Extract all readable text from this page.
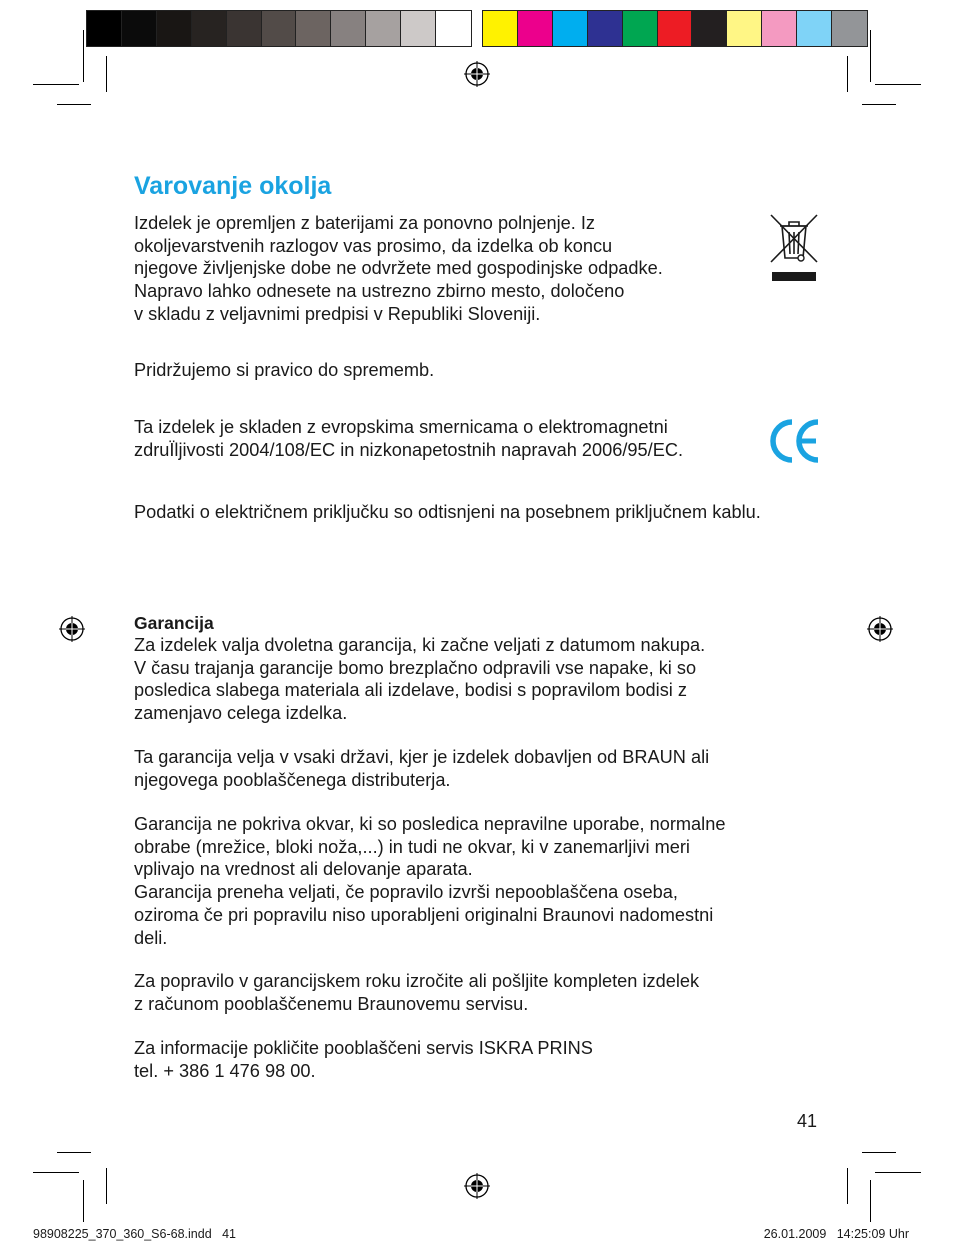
Varovanje okolja

Izdelek je opremljen z baterijami za ponovno polnjenje. Iz
okoljevarstvenih razlogov vas prosimo, da izdelka ob koncu
njegove življenjske dobe ne odvržete med gospodinjske odpadke.
Napravo lahko odnesete na ustrezno zbirno mesto, določeno
v skladu z veljavnimi predpisi v Republiki Sloveniji.

Pridržujemo si pravico do sprememb.

Ta izdelek je skladen z evropskima smernicama o elektromagnetni
zdruÏljivosti 2004/108/EC in nizkonapetostnih napravah 2006/95/EC.

Podatki o električnem priključku so odtisnjeni na posebnem priključnem kablu.

Garancija

Za izdelek valja dvoletna garancija, ki začne veljati z datumom nakupa.
V času trajanja garancije bomo brezplačno odpravili vse napake, ki so
posledica slabega materiala ali izdelave, bodisi s popravilom bodisi z
zamenjavo celega izdelka.

Ta garancija velja v vsaki državi, kjer je izdelek dobavljen od BRAUN ali
njegovega pooblaščenega distributerja.

Garancija ne pokriva okvar, ki so posledica nepravilne uporabe, normalne
obrabe (mrežice, bloki noža,...) in tudi ne okvar, ki v zanemarljivi meri
vplivajo na vrednost ali delovanje aparata.
Garancija preneha veljati, če popravilo izvrši nepooblaščena oseba,
oziroma če pri popravilu niso uporabljeni originalni Braunovi nadomestni
deli.

Za popravilo v garancijskem roku izročite ali pošljite kompleten izdelek
z računom pooblaščenemu Braunovemu servisu.

Za informacije pokličite pooblaščeni servis ISKRA PRINS
tel. + 386 1 476 98 00.

41
98908225_370_360_S6-68.indd   41	26.01.2009   14:25:09 Uhr
